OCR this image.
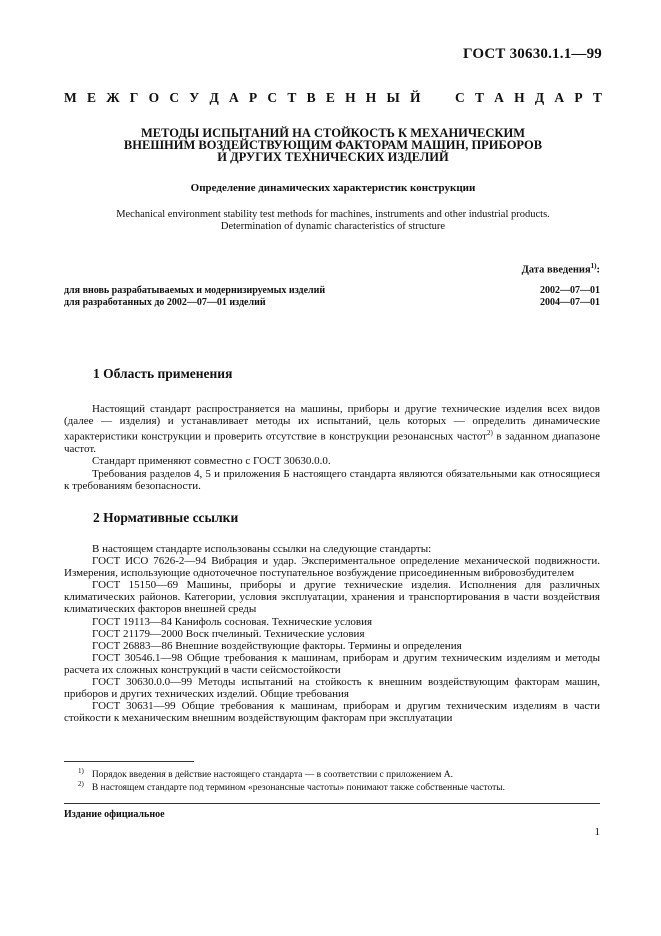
ГОСТ 30630.1.1—99
М Е Ж Г О С У Д А Р С Т В Е Н Н Ы Й	С Т А Н Д А Р Т
МЕТОДЫ ИСПЫТАНИЙ НА СТОЙКОСТЬ К МЕХАНИЧЕСКИМ
ВНЕШНИМ ВОЗДЕЙСТВУЮЩИМ ФАКТОРАМ МАШИН, ПРИБОРОВ
И ДРУГИХ ТЕХНИЧЕСКИХ ИЗДЕЛИЙ
Определение динамических характеристик конструкции
Mechanical environment stability test methods for machines, instruments and other industrial products.
Determination of dynamic characteristics of structure
Дата введения$^{1)}$:
для вновь разрабатываемых и модернизируемых изделий	2002—07—01
для разработанных до 2002—07—01 изделий	2004—07—01
1 Область применения

Настоящий стандарт распространяется на машины, приборы и другие технические изделия всех видов (далее — изделия) и устанавливает методы их испытаний, цель которых — определить динамические характеристики конструкции и проверить отсутствие в конструкции резонансных частот$^{2)}$ в заданном диапазоне частот.

Стандарт применяют совместно с ГОСТ 30630.0.0.

Требования разделов 4, 5 и приложения Б настоящего стандарта являются обязательными как относящиеся к требованиям безопасности.

2 Нормативные ссылки

В настоящем стандарте использованы ссылки на следующие стандарты:

ГОСТ ИСО 7626-2—94 Вибрация и удар. Экспериментальное определение механической подвижности. Измерения, использующие одноточечное поступательное возбуждение присоединенным вибровозбудителем

ГОСТ 15150—69 Машины, приборы и другие технические изделия. Исполнения для различных климатических районов. Категории, условия эксплуатации, хранения и транспортирования в части воздействия климатических факторов внешней среды

ГОСТ 19113—84 Канифоль сосновая. Технические условия

ГОСТ 21179—2000 Воск пчелиный. Технические условия

ГОСТ 26883—86 Внешние воздействующие факторы. Термины и определения

ГОСТ 30546.1—98 Общие требования к машинам, приборам и другим техническим изделиям и методы расчета их сложных конструкций в части сейсмостойкости

ГОСТ 30630.0.0—99 Методы испытаний на стойкость к внешним воздействующим факторам машин, приборов и других технических изделий. Общие требования

ГОСТ 30631—99 Общие требования к машинам, приборам и другим техническим изделиям в части стойкости к механическим внешним воздействующим факторам при эксплуатации

$^{1)}$ Порядок введения в действие настоящего стандарта — в соответствии с приложением А.
$^{2)}$ В настоящем стандарте под термином «резонансные частоты» понимают также собственные частоты.
Издание официальное
1
